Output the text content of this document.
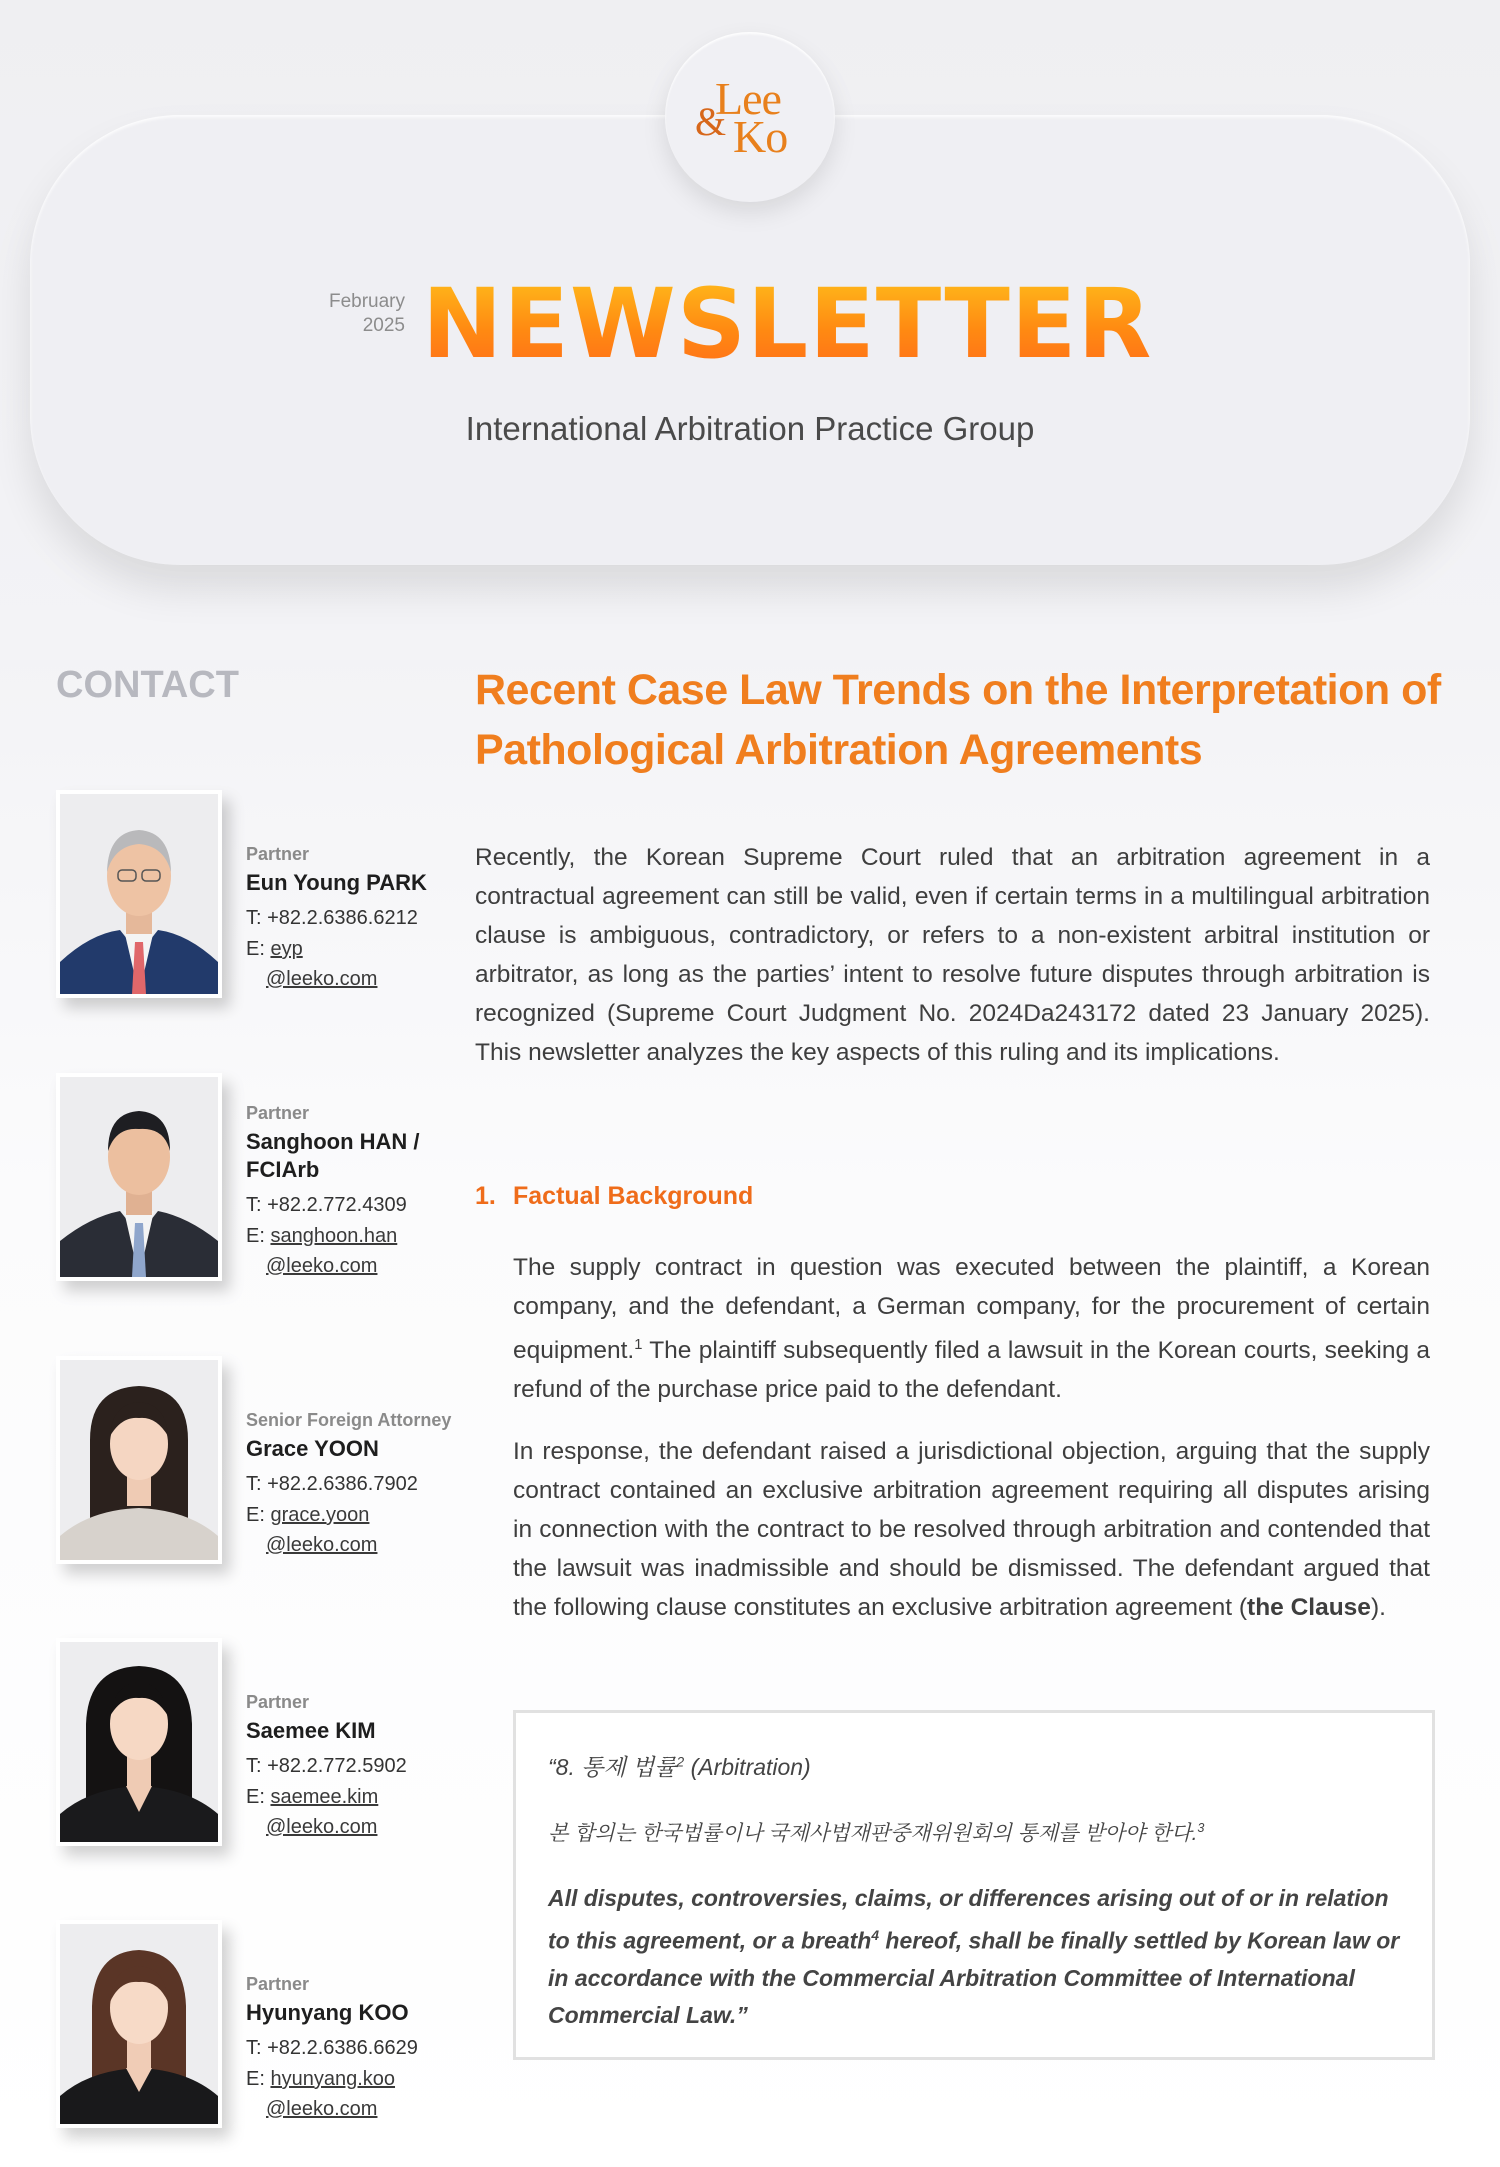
Lee
& Ko
February
2025 NEWSLETTER
International Arbitration Practice Group
CONTACT
Partner
Eun Young PARK
T: +82.2.6386.6212
E: eyp
@leeko.com
Partner
Sanghoon HAN /
FCIArb
T: +82.2.772.4309
E: sanghoon.han
@leeko.com
Senior Foreign Attorney
Grace YOON
T: +82.2.6386.7902
E: grace.yoon
@leeko.com
Partner
Saemee KIM
T: +82.2.772.5902
E: saemee.kim
@leeko.com
Partner
Hyunyang KOO
T: +82.2.6386.6629
E: hyunyang.koo
@leeko.com
Recent Case Law Trends on the Interpretation of Pathological Arbitration Agreements
Recently, the Korean Supreme Court ruled that an arbitration agreement in a contractual agreement can still be valid, even if certain terms in a multilingual arbitration clause is ambiguous, contradictory, or refers to a non-existent arbitral institution or arbitrator, as long as the parties’ intent to resolve future disputes through arbitration is recognized (Supreme Court Judgment No. 2024Da243172 dated 23 January 2025). This newsletter analyzes the key aspects of this ruling and its implications.
1. Factual Background
The supply contract in question was executed between the plaintiff, a Korean company, and the defendant, a German company, for the procurement of certain equipment.$^1$ The plaintiff subsequently filed a lawsuit in the Korean courts, seeking a refund of the purchase price paid to the defendant.
In response, the defendant raised a jurisdictional objection, arguing that the supply contract contained an exclusive arbitration agreement requiring all disputes arising in connection with the contract to be resolved through arbitration and contended that the lawsuit was inadmissible and should be dismissed. The defendant argued that the following clause constitutes an exclusive arbitration agreement (the Clause).

“8. 통제 법률$^2$ (Arbitration)

본 합의는 한국법률이나 국제사법재판중재위원회의 통제를 받아야 한다.$^3$

All disputes, controversies, claims, or differences arising out of or in relation to this agreement, or a breath$^4$ hereof, shall be finally settled by Korean law or in accordance with the Commercial Arbitration Committee of International Commercial Law.”
